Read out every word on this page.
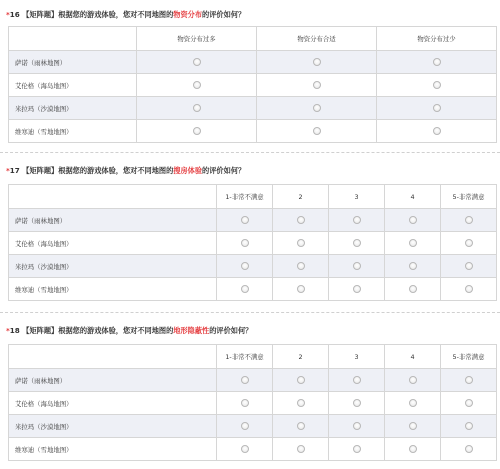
*16 【矩阵题】根据您的游戏体验，您对不同地图的物资分布的评价如何？
	物资分布过多	物资分布合适	物资分布过少
萨诺（雨林地图）			
艾伦格（海岛地图）			
米拉玛（沙漠地图）			
维寒迪（雪地地图）			
*17 【矩阵题】根据您的游戏体验，您对不同地图的搜房体验的评价如何？
	1-非常不满意	2	3	4	5-非常满意
萨诺（雨林地图）					
艾伦格（海岛地图）					
米拉玛（沙漠地图）					
维寒迪（雪地地图）					
*18 【矩阵题】根据您的游戏体验，您对不同地图的地形隐蔽性的评价如何？
	1-非常不满意	2	3	4	5-非常满意
萨诺（雨林地图）					
艾伦格（海岛地图）					
米拉玛（沙漠地图）					
维寒迪（雪地地图）					
